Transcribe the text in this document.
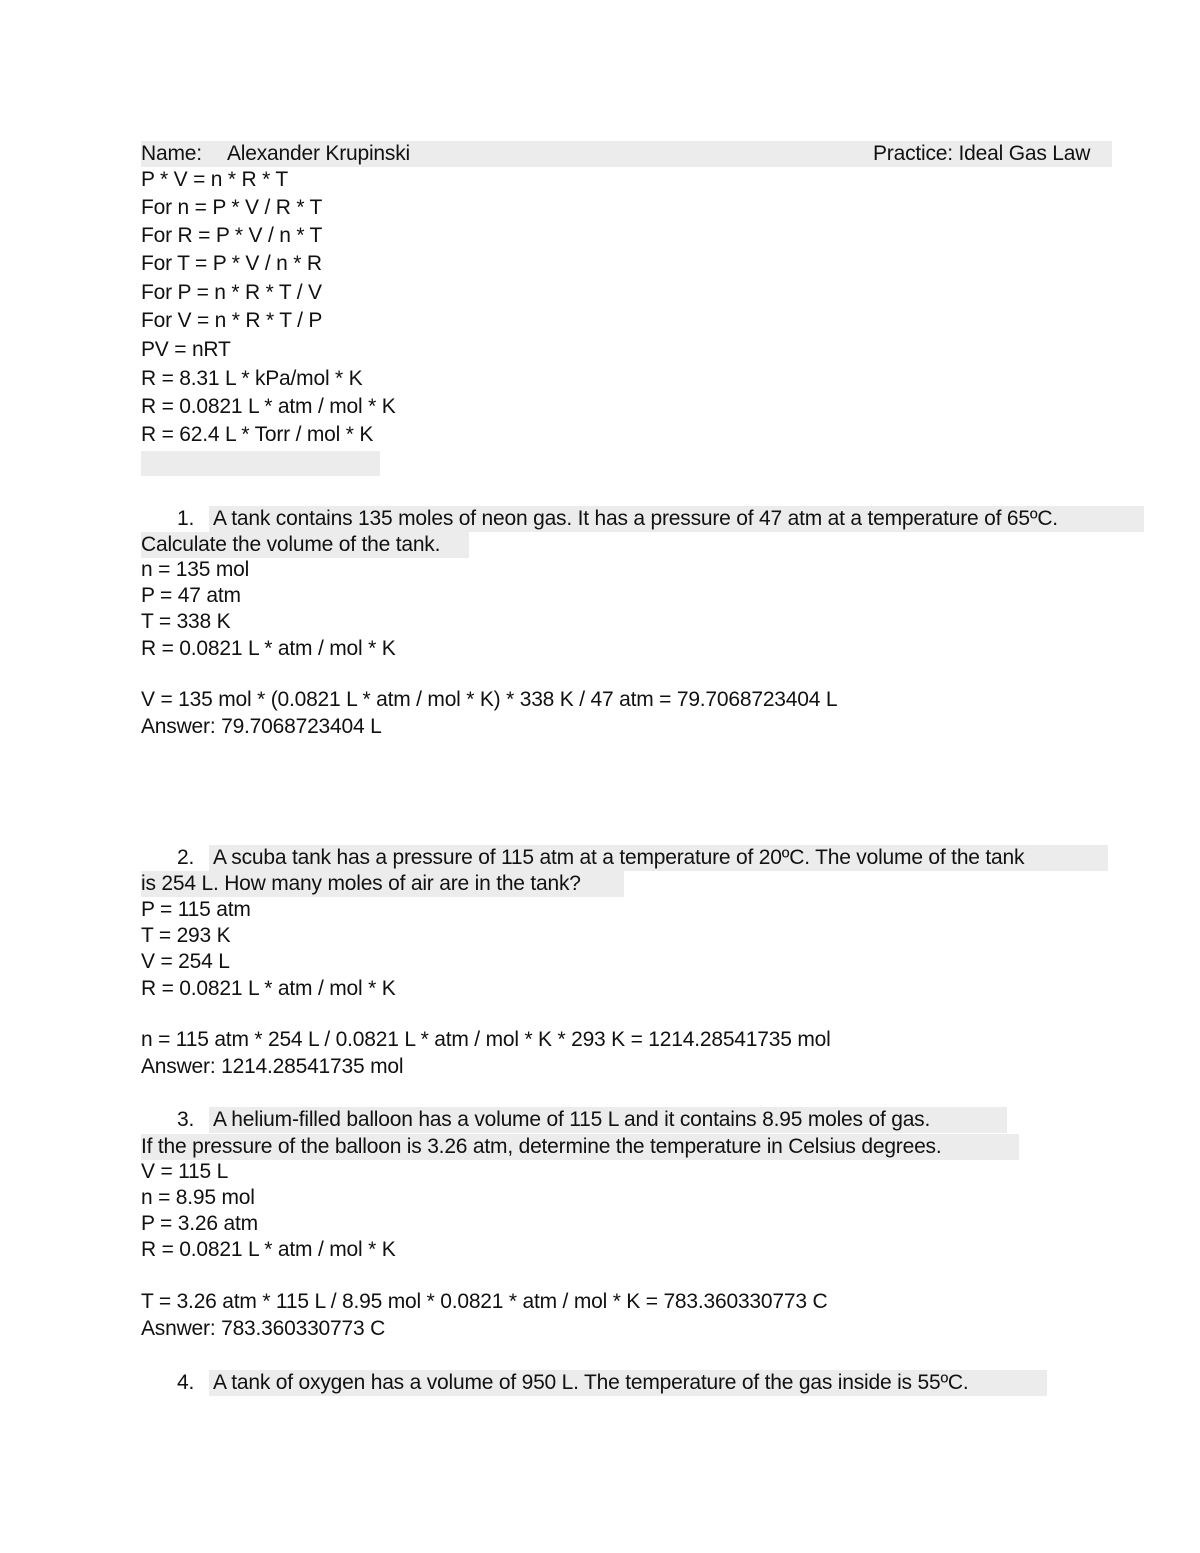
Name: Alexander Krupinski	Practice: Ideal Gas Law
P * V = n * R * T
For n = P * V / R * T
For R = P * V / n * T
For T = P * V / n * R
For P = n * R * T / V
For V = n * R * T / P
PV = nRT
R = 8.31 L * kPa/mol * K
R = 0.0821 L * atm / mol * K
R = 62.4 L * Torr / mol * K
1. A tank contains 135 moles of neon gas. It has a pressure of 47 atm at a temperature of 65ºC.
Calculate the volume of the tank.
n = 135 mol
P = 47 atm
T = 338 K
R = 0.0821 L * atm / mol * K
V = 135 mol * (0.0821 L * atm / mol * K) * 338 K / 47 atm = 79.7068723404 L
Answer: 79.7068723404 L
2. A scuba tank has a pressure of 115 atm at a temperature of 20ºC. The volume of the tank
is 254 L. How many moles of air are in the tank?
P = 115 atm
T = 293 K
V = 254 L
R = 0.0821 L * atm / mol * K
n = 115 atm * 254 L / 0.0821 L * atm / mol * K * 293 K = 1214.28541735 mol
Answer: 1214.28541735 mol
3. A helium-filled balloon has a volume of 115 L and it contains 8.95 moles of gas.
If the pressure of the balloon is 3.26 atm, determine the temperature in Celsius degrees.
V = 115 L
n = 8.95 mol
P = 3.26 atm
R = 0.0821 L * atm / mol * K
T = 3.26 atm * 115 L / 8.95 mol * 0.0821 * atm / mol * K = 783.360330773 C
Asnwer: 783.360330773 C
4. A tank of oxygen has a volume of 950 L. The temperature of the gas inside is 55ºC.
